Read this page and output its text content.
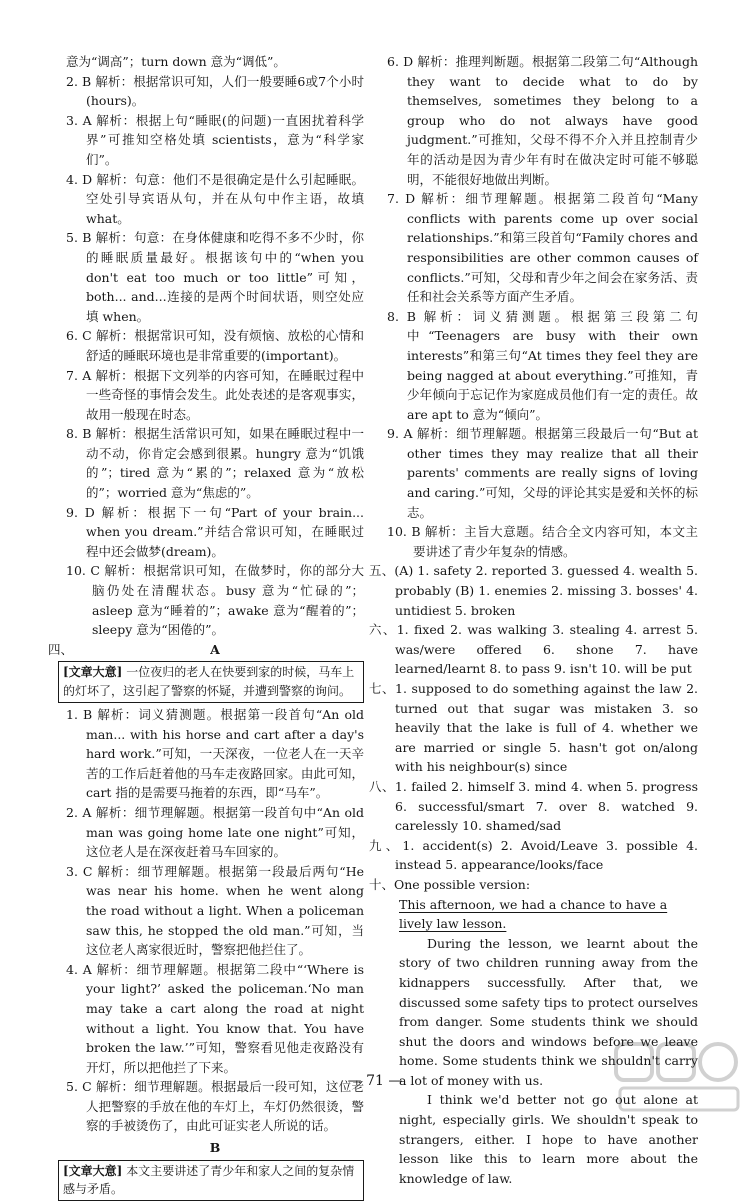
意为“调高”；turn down 意为“调低”。

2. B 解析：根据常识可知，人们一般要睡6或7个小时(hours)。

3. A 解析：根据上句“睡眠(的问题)一直困扰着科学界”可推知空格处填 scientists，意为“科学家们”。

4. D 解析：句意：他们不是很确定是什么引起睡眠。空处引导宾语从句，并在从句中作主语，故填 what。

5. B 解析：句意：在身体健康和吃得不多不少时，你的睡眠质量最好。根据该句中的“when you don't eat too much or too little”可知，both... and...连接的是两个时间状语，则空处应填 when。

6. C 解析：根据常识可知，没有烦恼、放松的心情和舒适的睡眠环境也是非常重要的(important)。

7. A 解析：根据下文列举的内容可知，在睡眠过程中一些奇怪的事情会发生。此处表述的是客观事实，故用一般现在时态。

8. B 解析：根据生活常识可知，如果在睡眠过程中一动不动，你肯定会感到很累。hungry 意为“饥饿的”；tired 意为“累的”；relaxed 意为“放松的”；worried 意为“焦虑的”。

9. D 解析：根据下一句“Part of your brain... when you dream.”并结合常识可知，在睡眠过程中还会做梦(dream)。

10. C 解析：根据常识可知，在做梦时，你的部分大脑仍处在清醒状态。busy 意为“忙碌的”；asleep 意为“睡着的”；awake 意为“醒着的”；sleepy 意为“困倦的”。

四、	A
[文章大意] 一位夜归的老人在快要到家的时候，马车上的灯坏了，这引起了警察的怀疑，并遭到警察的询问。

1. B 解析：词义猜测题。根据第一段首句“An old man... with his horse and cart after a day's hard work.”可知，一天深夜，一位老人在一天辛苦的工作后赶着他的马车走夜路回家。由此可知，cart 指的是需要马拖着的东西，即“马车”。

2. A 解析：细节理解题。根据第一段首句中“An old man was going home late one night”可知，这位老人是在深夜赶着马车回家的。

3. C 解析：细节理解题。根据第一段最后两句“He was near his home. when he went along the road without a light. When a policeman saw this, he stopped the old man.”可知，当这位老人离家很近时，警察把他拦住了。

4. A 解析：细节理解题。根据第二段中“‘Where is your light?’ asked the policeman.‘No man may take a cart along the road at night without a light. You know that. You have broken the law.’”可知，警察看见他走夜路没有开灯，所以把他拦了下来。

5. C 解析：细节理解题。根据最后一段可知，这位老人把警察的手放在他的车灯上，车灯仍然很烫，警察的手被烫伤了，由此可证实老人所说的话。

B
[文章大意] 本文主要讲述了青少年和家人之间的复杂情感与矛盾。

6. D 解析：推理判断题。根据第二段第二句“Although they want to decide what to do by themselves, sometimes they belong to a group who do not always have good judgment.”可推知，父母不得不介入并且控制青少年的活动是因为青少年有时在做决定时可能不够聪明，不能很好地做出判断。

7. D 解析：细节理解题。根据第二段首句“Many conflicts with parents come up over social relationships.”和第三段首句“Family chores and responsibilities are other common causes of conflicts.”可知，父母和青少年之间会在家务活、责任和社会关系等方面产生矛盾。

8. B 解析：词义猜测题。根据第三段第二句中“Teenagers are busy with their own interests”和第三句“At times they feel they are being nagged at about everything.”可推知，青少年倾向于忘记作为家庭成员他们有一定的责任。故 are apt to 意为“倾向”。

9. A 解析：细节理解题。根据第三段最后一句“But at other times they may realize that all their parents' comments are really signs of loving and caring.”可知，父母的评论其实是爱和关怀的标志。

10. B 解析：主旨大意题。结合全文内容可知，本文主要讲述了青少年复杂的情感。

五、(A) 1. safety 2. reported 3. guessed 4. wealth 5. probably (B) 1. enemies 2. missing 3. bosses' 4. untidiest 5. broken

六、1. fixed 2. was walking 3. stealing 4. arrest 5. was/were offered 6. shone 7. have learned/learnt 8. to pass 9. isn't 10. will be put

七、1. supposed to do something against the law 2. turned out that sugar was mistaken 3. so heavily that the lake is full of 4. whether we are married or single 5. hasn't got on/along with his neighbour(s) since

八、1. failed 2. himself 3. mind 4. when 5. progress 6. successful/smart 7. over 8. watched 9. carelessly 10. shamed/sad

九、1. accident(s) 2. Avoid/Leave 3. possible 4. instead 5. appearance/looks/face

十、One possible version:

This afternoon, we had a chance to have a lively law lesson.

During the lesson, we learnt about the story of two children running away from the kidnappers successfully. After that, we discussed some safety tips to protect ourselves from danger. Some students think we should shut the doors and windows before we leave home. Some students think we shouldn't carry a lot of money with us.

I think we'd better not go out alone at night, especially girls. We shouldn't speak to strangers, either. I hope to have another lesson like this to learn more about the knowledge of law.

— 71 —
